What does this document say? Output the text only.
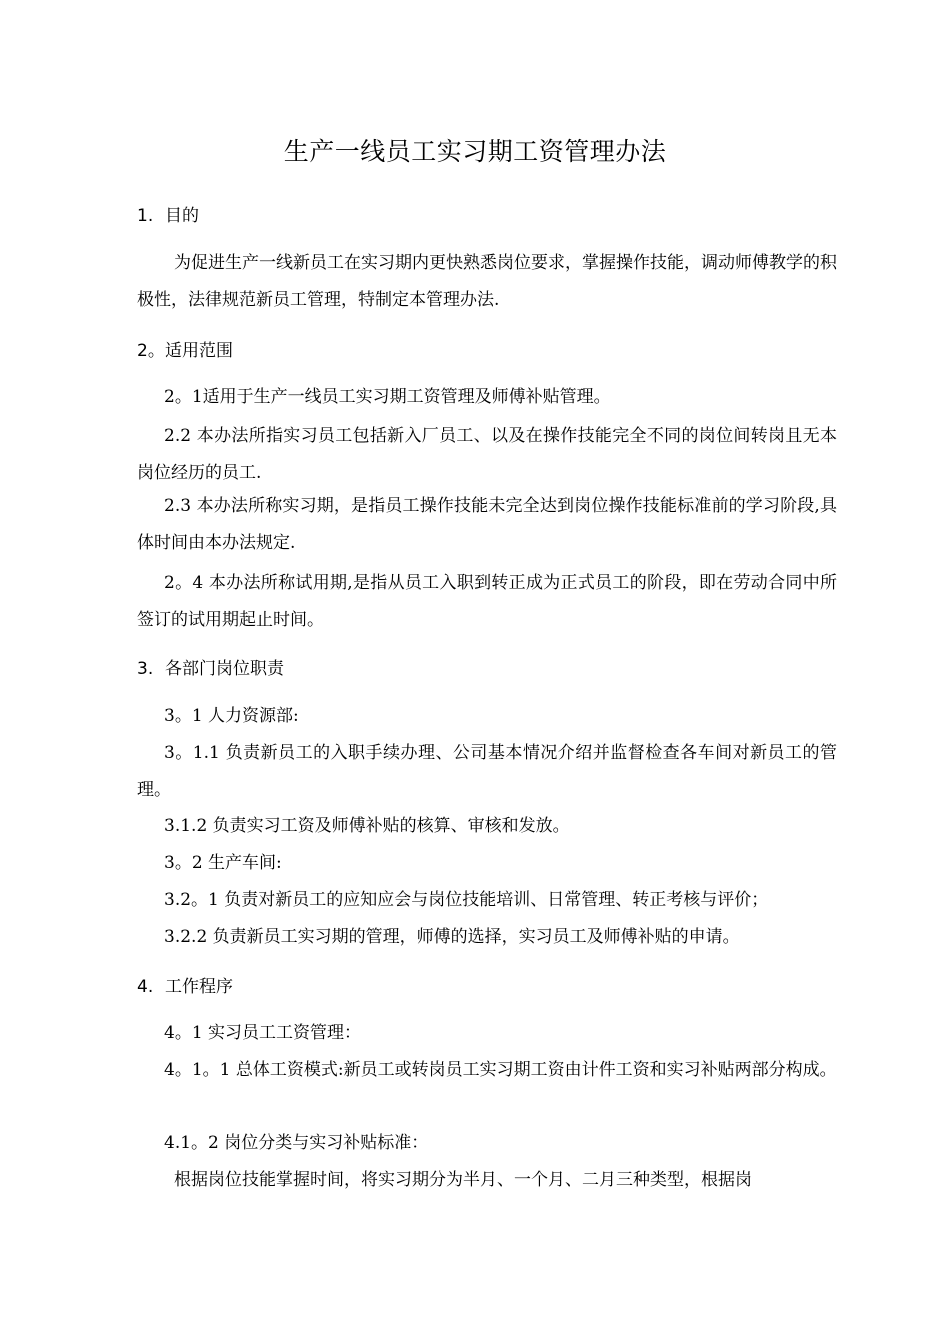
生产一线员工实习期工资管理办法
1. 目的
为促进生产一线新员工在实习期内更快熟悉岗位要求，掌握操作技能，调动师傅教学的积极性，法律规范新员工管理，特制定本管理办法.
2。适用范围
2。1适用于生产一线员工实习期工资管理及师傅补贴管理。
2.2 本办法所指实习员工包括新入厂员工、以及在操作技能完全不同的岗位间转岗且无本岗位经历的员工.
2.3 本办法所称实习期，是指员工操作技能未完全达到岗位操作技能标准前的学习阶段,具体时间由本办法规定.
2。4 本办法所称试用期,是指从员工入职到转正成为正式员工的阶段，即在劳动合同中所签订的试用期起止时间。
3. 各部门岗位职责
3。1 人力资源部:
3。1.1 负责新员工的入职手续办理、公司基本情况介绍并监督检查各车间对新员工的管理。
3.1.2 负责实习工资及师傅补贴的核算、审核和发放。
3。2 生产车间:
3.2。1 负责对新员工的应知应会与岗位技能培训、日常管理、转正考核与评价；
3.2.2 负责新员工实习期的管理，师傅的选择，实习员工及师傅补贴的申请。
4. 工作程序
4。1 实习员工工资管理：
4。1。1 总体工资模式:新员工或转岗员工实习期工资由计件工资和实习补贴两部分构成。
4.1。2 岗位分类与实习补贴标准：
根据岗位技能掌握时间，将实习期分为半月、一个月、二月三种类型，根据岗
